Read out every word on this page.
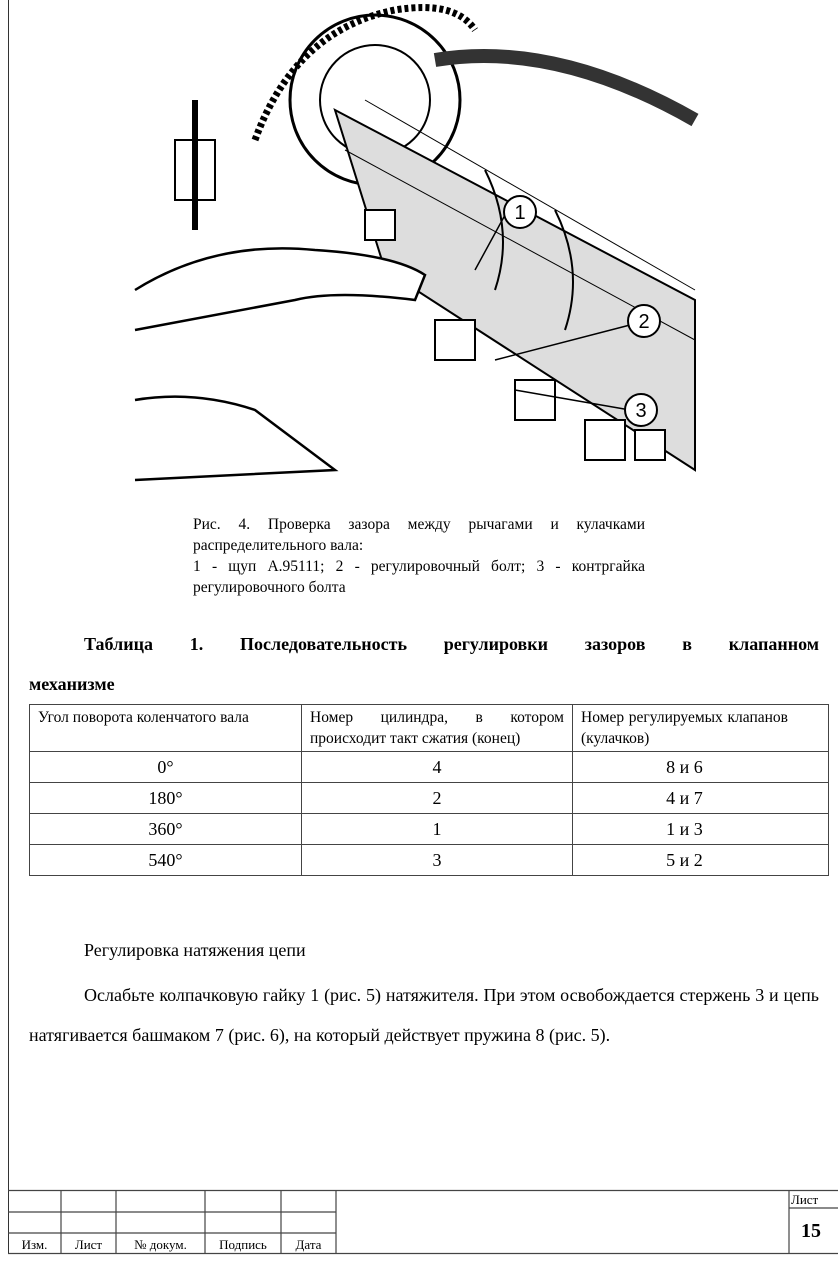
1
2
3
Рис. 4. Проверка зазора между рычагами и кулачками распределительного вала:
1 - щуп А.95111; 2 - регулировочный болт; 3 - контргайка регулировочного болта
Таблица 1. Последовательность регулировки зазоров в клапанном
механизме
Угол поворота коленчатого вала	Номер цилиндра, в котором происходит такт сжатия (конец)	Номер регулируемых клапанов (кулачков)
0°	4	8 и 6
180°	2	4 и 7
360°	1	1 и 3
540°	3	5 и 2
Регулировка натяжения цепи
Ослабьте колпачковую гайку 1 (рис. 5) натяжителя. При этом освобождается стержень 3 и цепь натягивается башмаком 7 (рис. 6), на который действует пружина 8 (рис. 5).
Изм.	Лист	№ докум.	Подпись	Дата
Лист
15
